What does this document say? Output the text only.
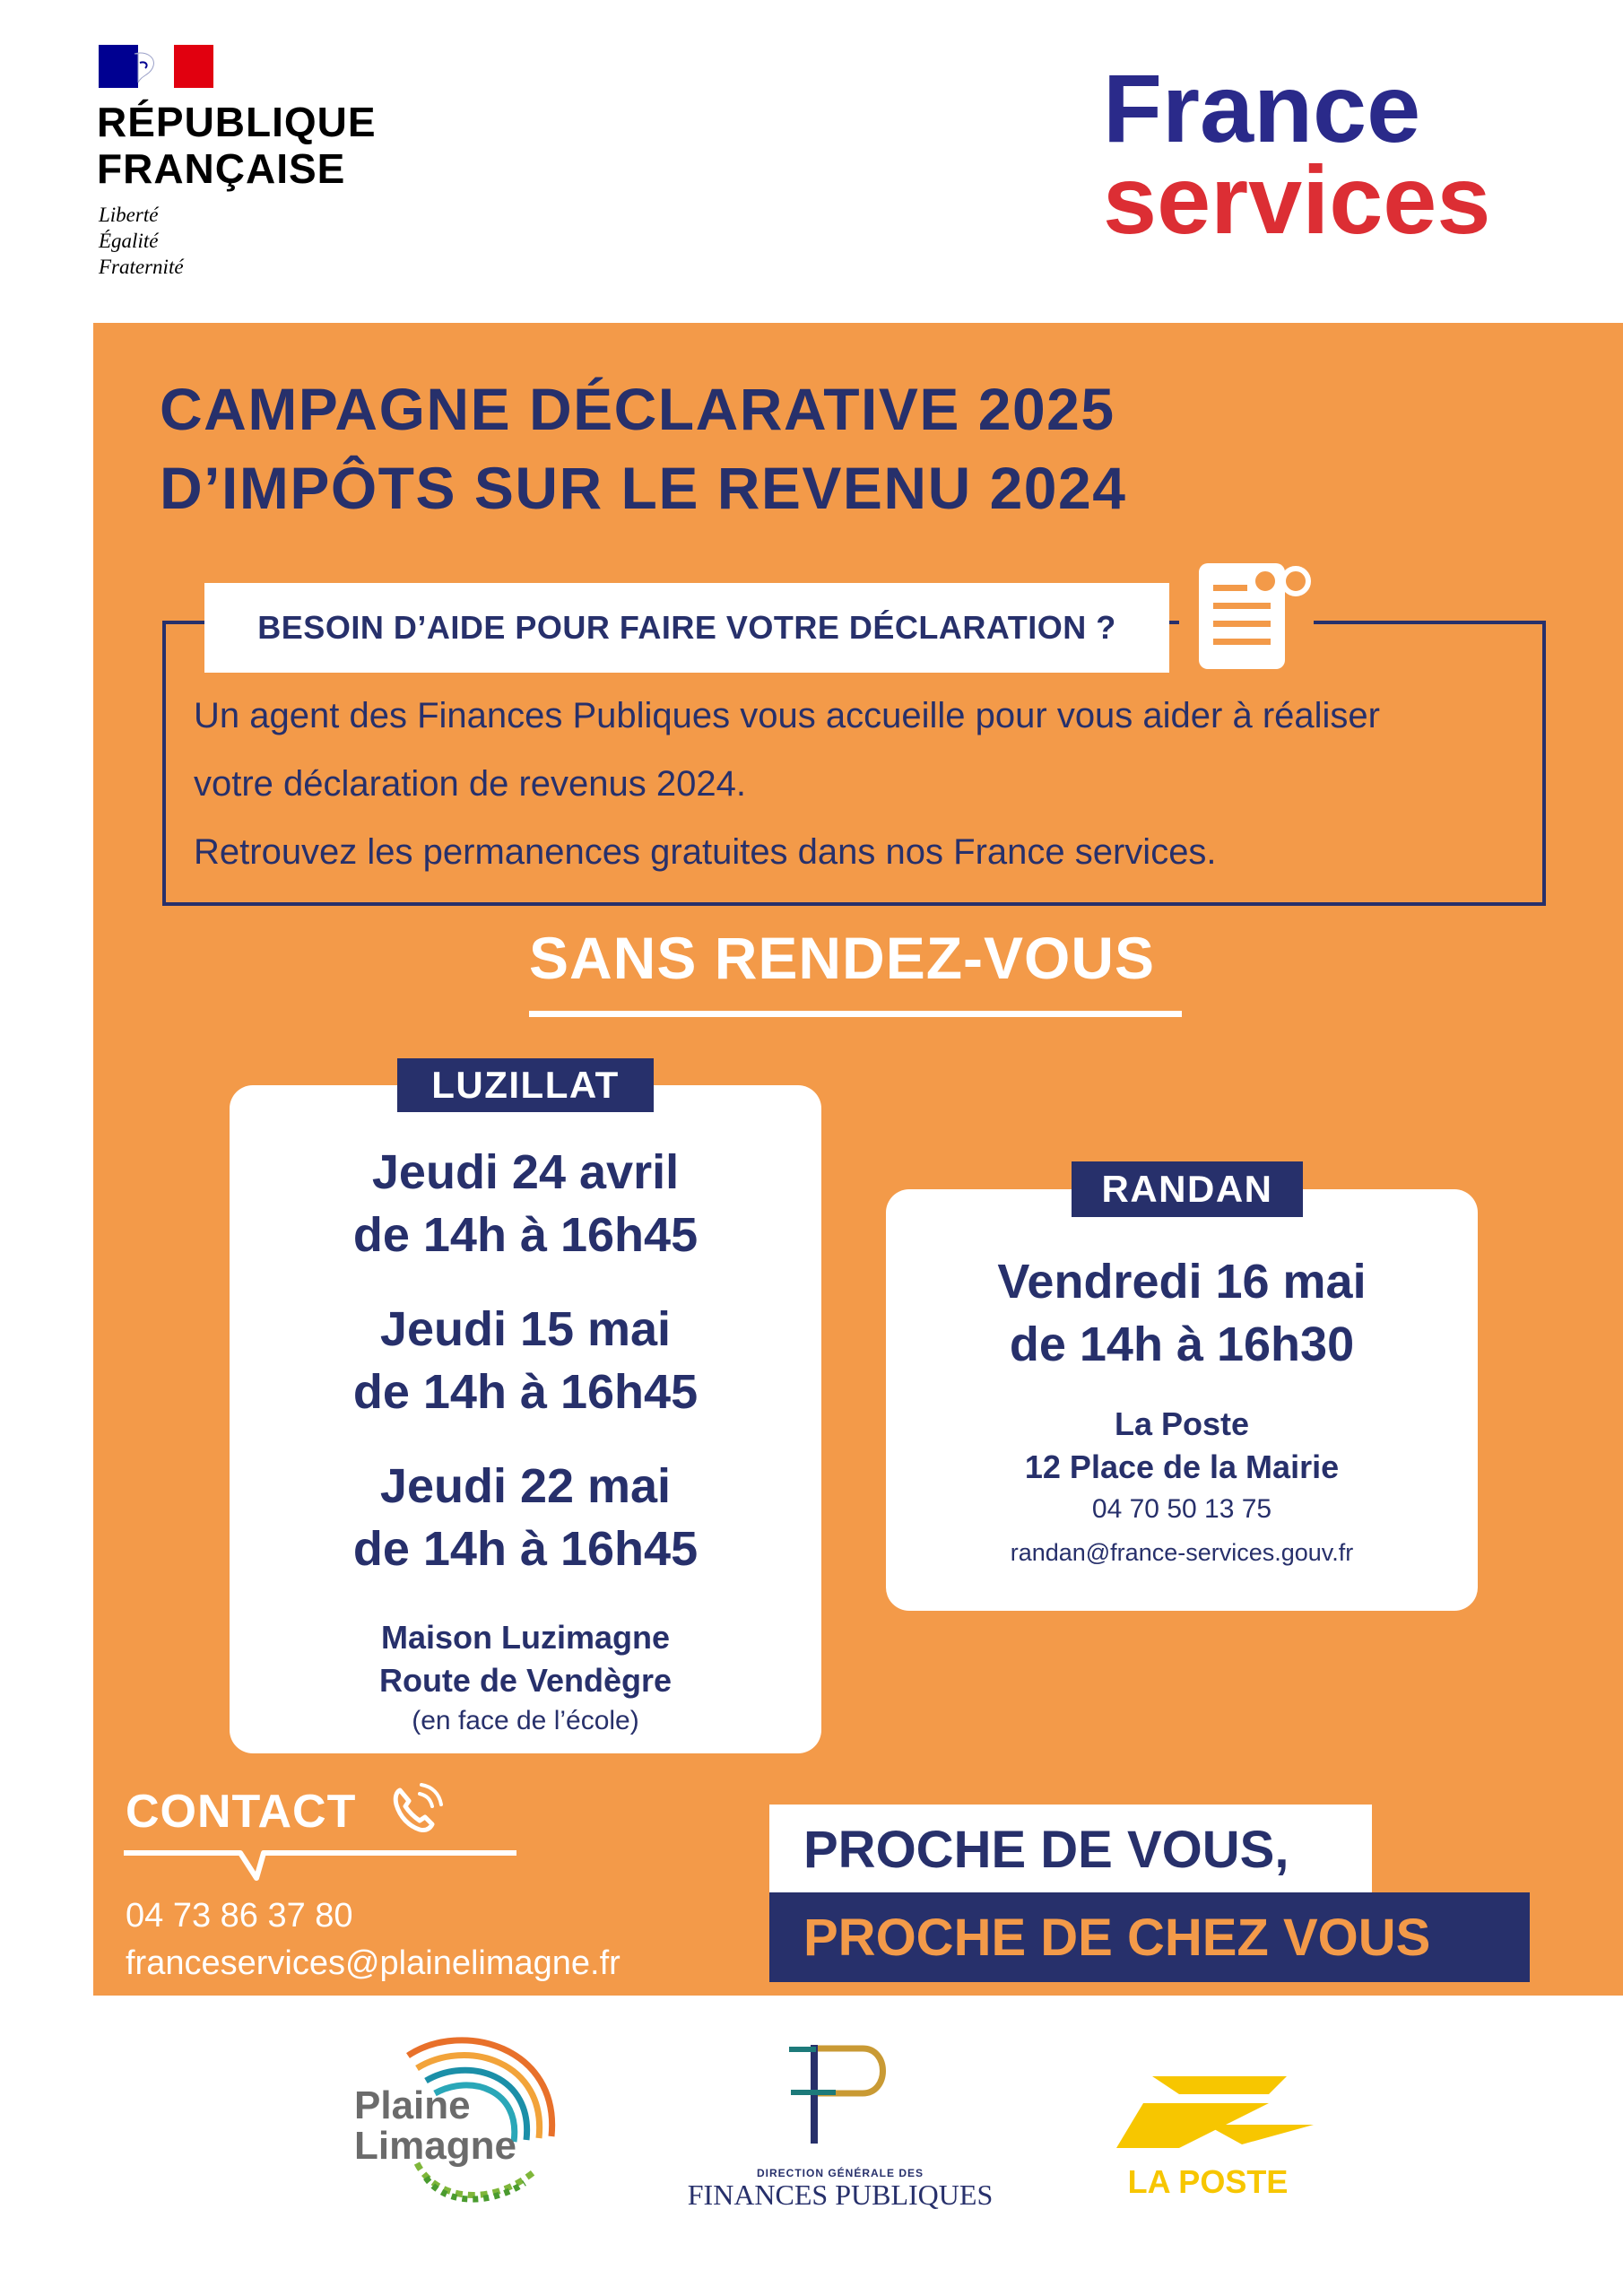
RÉPUBLIQUE
FRANÇAISE
Liberté
Égalité
Fraternité
France
services
CAMPAGNE DÉCLARATIVE 2025
D’IMPÔTS SUR LE REVENU 2024
BESOIN D’AIDE POUR FAIRE VOTRE DÉCLARATION ?
Un agent des Finances Publiques vous accueille pour vous aider à réaliser
votre déclaration de revenus 2024.
Retrouvez les permanences gratuites dans nos France services.
SANS RENDEZ-VOUS
Jeudi 24 avril
de 14h à 16h45
Jeudi 15 mai
de 14h à 16h45
Jeudi 22 mai
de 14h à 16h45
Maison Luzimagne
Route de Vendègre
(en face de l’école)
LUZILLAT
Vendredi 16 mai
de 14h à 16h30
La Poste
12 Place de la Mairie
04 70 50 13 75
randan@france-services.gouv.fr
RANDAN
CONTACT
04 73 86 37 80
franceservices@plainelimagne.fr
PROCHE DE VOUS,
PROCHE DE CHEZ VOUS
Plaine
Limagne
DIRECTION GÉNÉRALE DES
FINANCES PUBLIQUES	LA POSTE
